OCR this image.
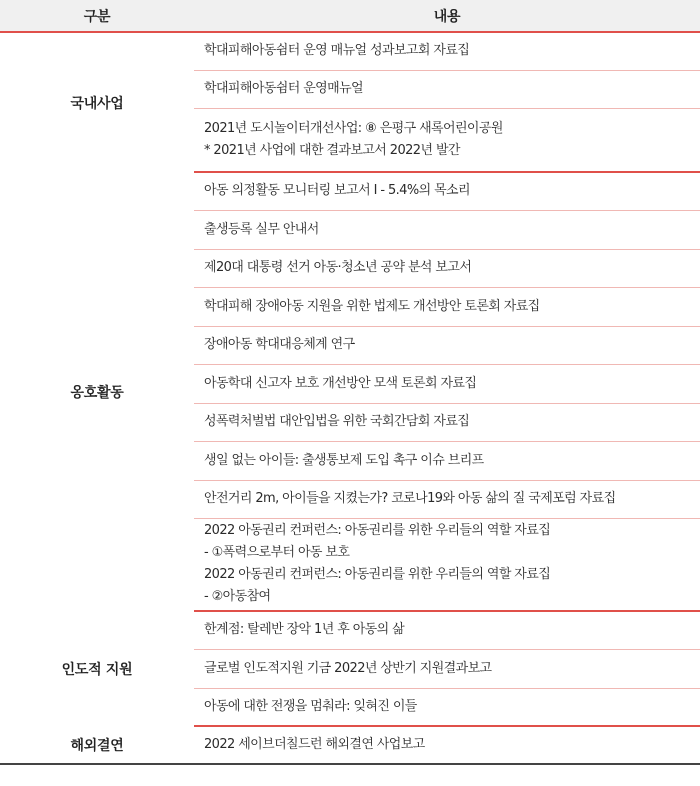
구분	내용
국내사업	학대피해아동쉼터 운영 매뉴얼 성과보고회 자료집

	학대피해아동쉼터 운영매뉴얼

	2021년 도시놀이터개선사업: ⑧ 은평구 새록어린이공원
* 2021년 사업에 대한 결과보고서 2022년 발간

옹호활동	아동 의정활동 모니터링 보고서 I - 5.4%의 목소리

	출생등록 실무 안내서

	제20대 대통령 선거 아동·청소년 공약 분석 보고서

	학대피해 장애아동 지원을 위한 법제도 개선방안 토론회 자료집

	장애아동 학대대응체계 연구

	아동학대 신고자 보호 개선방안 모색 토론회 자료집

	성폭력처벌법 대안입법을 위한 국회간담회 자료집

	생일 없는 아이들: 출생통보제 도입 촉구 이슈 브리프

	안전거리 2m, 아이들을 지켰는가? 코로나19와 아동 삶의 질 국제포럼 자료집

	2022 아동권리 컨퍼런스: 아동권리를 위한 우리들의 역할 자료집
- ①폭력으로부터 아동 보호
2022 아동권리 컨퍼런스: 아동권리를 위한 우리들의 역할 자료집
- ②아동참여

인도적 지원	한계점: 탈레반 장악 1년 후 아동의 삶

	글로벌 인도적지원 기금 2022년 상반기 지원결과보고

	아동에 대한 전쟁을 멈춰라: 잊혀진 이들

해외결연	2022 세이브더칠드런 해외결연 사업보고
